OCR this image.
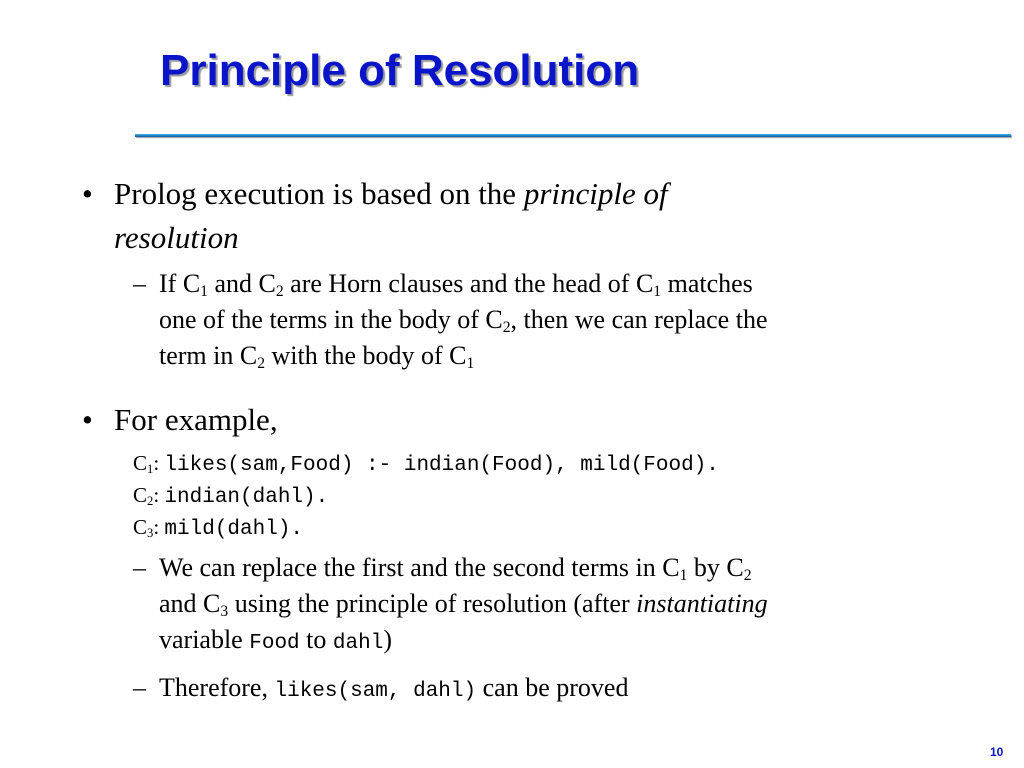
Principle of Resolution
• Prolog execution is based on the principle of
resolution
– If $C_1$ and $C_2$ are Horn clauses and the head of $C_1$ matches
one of the terms in the body of $C_2$, then we can replace the
term in $C_2$ with the body of $C_1$
• For example,
$C_1$: likes(sam,Food) :- indian(Food), mild(Food).
$C_2$: indian(dahl).
$C_3$: mild(dahl).
– We can replace the first and the second terms in $C_1$ by $C_2$
and $C_3$ using the principle of resolution (after instantiating
variable Food to dahl)
– Therefore, likes(sam, dahl) can be proved
10
